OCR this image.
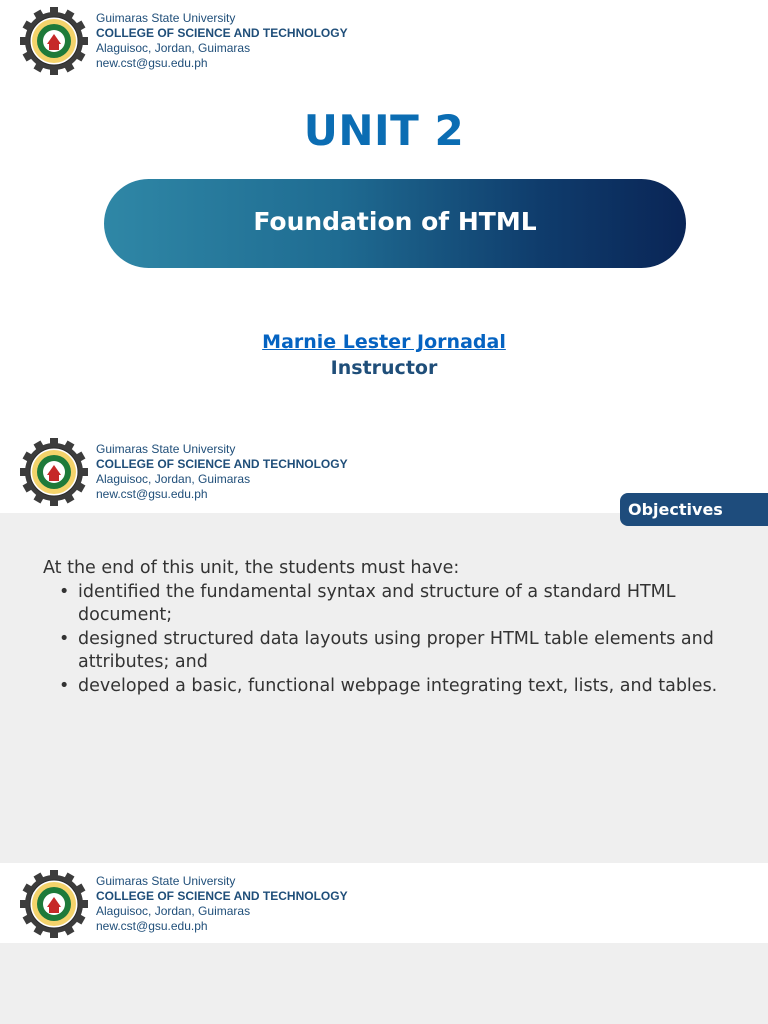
Guimaras State University
COLLEGE OF SCIENCE AND TECHNOLOGY
Alaguisoc, Jordan, Guimaras
new.cst@gsu.edu.ph
UNIT 2
Foundation of HTML
Marnie Lester Jornadal
Instructor
Guimaras State University
COLLEGE OF SCIENCE AND TECHNOLOGY
Alaguisoc, Jordan, Guimaras
new.cst@gsu.edu.ph
Objectives
At the end of this unit, the students must have:
• identified the fundamental syntax and structure of a standard HTML document;
• designed structured data layouts using proper HTML table elements and attributes; and
• developed a basic, functional webpage integrating text, lists, and tables.
Guimaras State University
COLLEGE OF SCIENCE AND TECHNOLOGY
Alaguisoc, Jordan, Guimaras
new.cst@gsu.edu.ph
